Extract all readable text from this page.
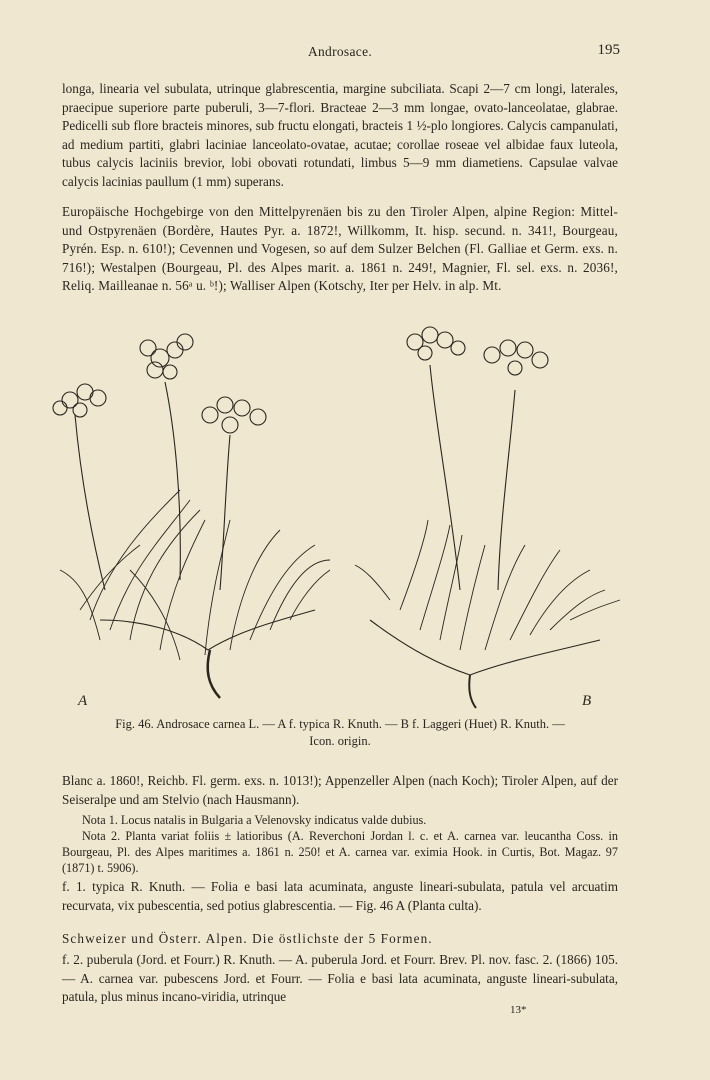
Androsace.	195

longa, linearia vel subulata, utrinque glabrescentia, margine subciliata. Scapi 2—7 cm longi, laterales, praecipue superiore parte puberuli, 3—7-flori. Bracteae 2—3 mm longae, ovato-lanceolatae, glabrae. Pedicelli sub flore bracteis minores, sub fructu elongati, bracteis 1 ½-plo longiores. Calycis campanulati, ad medium partiti, glabri laciniae lanceolato-ovatae, acutae; corollae roseae vel albidae faux luteola, tubus calycis laciniis brevior, lobi obovati rotundati, limbus 5—9 mm diametiens. Capsulae valvae calycis lacinias paullum (1 mm) superans.

Europäische Hochgebirge von den Mittelpyrenäen bis zu den Tiroler Alpen, alpine Region: Mittel- und Ostpyrenäen (Bordère, Hautes Pyr. a. 1872!, Willkomm, It. hisp. secund. n. 341!, Bourgeau, Pyrén. Esp. n. 610!); Cevennen und Vogesen, so auf dem Sulzer Belchen (Fl. Galliae et Germ. exs. n. 716!); Westalpen (Bourgeau, Pl. des Alpes marit. a. 1861 n. 249!, Magnier, Fl. sel. exs. n. 2036!, Reliq. Mailleanae n. 56ᵃ u. ᵇ!); Walliser Alpen (Kotschy, Iter per Helv. in alp. Mt.

A	B
Fig. 46. Androsace carnea L. — A f. typica R. Knuth. — B f. Laggeri (Huet) R. Knuth. —
Icon. origin.

Blanc a. 1860!, Reichb. Fl. germ. exs. n. 1013!); Appenzeller Alpen (nach Koch); Tiroler Alpen, auf der Seiseralpe und am Stelvio (nach Hausmann).

Nota 1. Locus natalis in Bulgaria a Velenovsky indicatus valde dubius.

Nota 2. Planta variat foliis ± latioribus (A. Reverchoni Jordan l. c. et A. carnea var. leucantha Coss. in Bourgeau, Pl. des Alpes maritimes a. 1861 n. 250! et A. carnea var. eximia Hook. in Curtis, Bot. Magaz. 97 (1871) t. 5906).

f. 1. typica R. Knuth. — Folia e basi lata acuminata, anguste lineari-subulata, patula vel arcuatim recurvata, vix pubescentia, sed potius glabrescentia. — Fig. 46 A (Planta culta).

Schweizer und Österr. Alpen. Die östlichste der 5 Formen.

f. 2. puberula (Jord. et Fourr.) R. Knuth. — A. puberula Jord. et Fourr. Brev. Pl. nov. fasc. 2. (1866) 105. — A. carnea var. pubescens Jord. et Fourr. — Folia e basi lata acuminata, anguste lineari-subulata, patula, plus minus incano-viridia, utrinque

13*
